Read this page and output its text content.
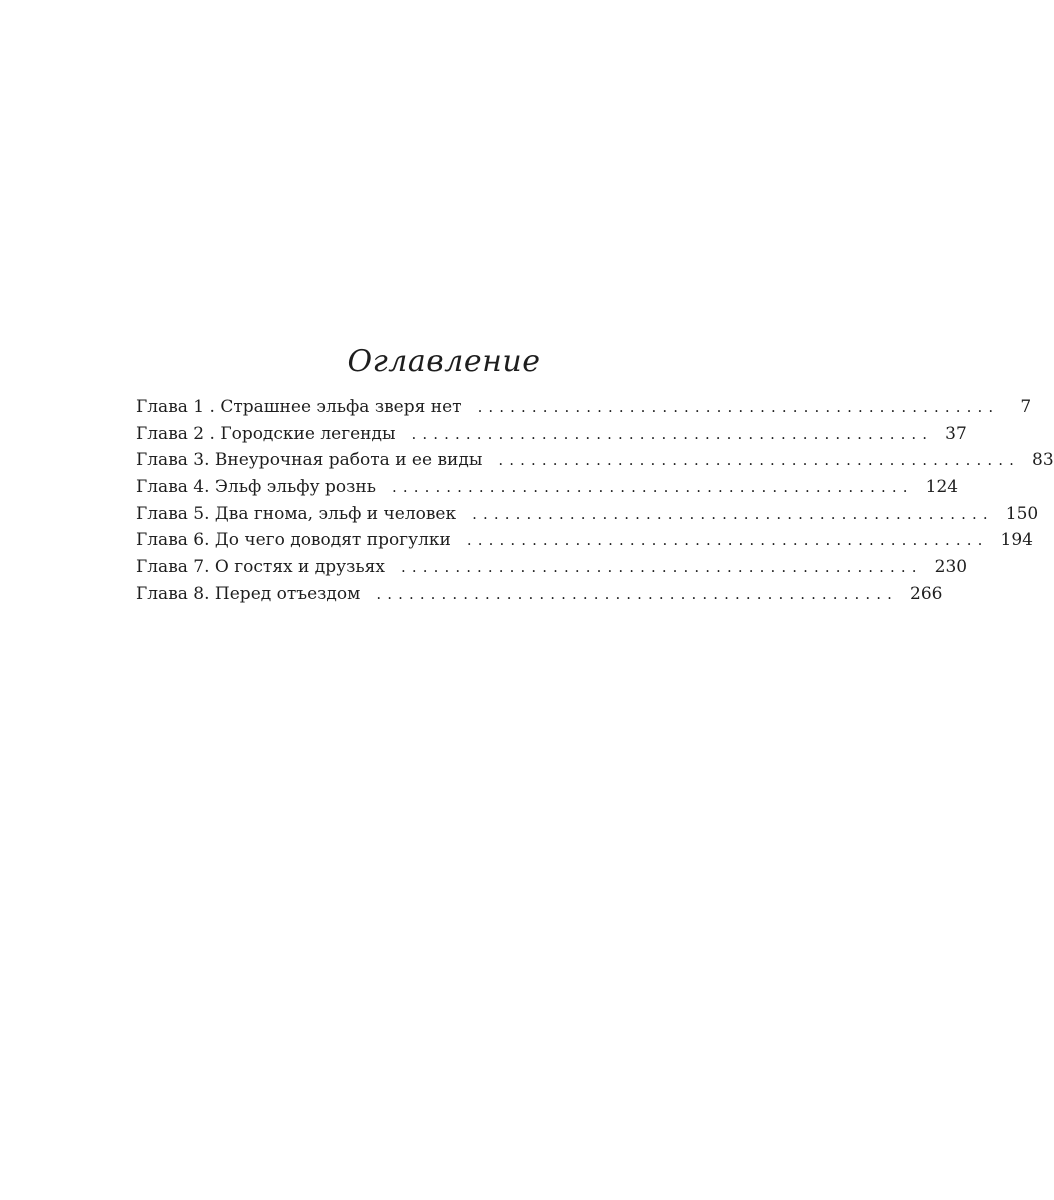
Оглавление
Глава 1 . Страшнее эльфа зверя нет ................................................	7
Глава 2 . Городские легенды ................................................ 37
Глава 3. Внеурочная работа и ее виды ................................................ 83
Глава 4. Эльф эльфу рознь ................................................ 124
Глава 5. Два гнома, эльф и человек ................................................ 150
Глава 6. До чего доводят прогулки ................................................ 194
Глава 7. О гостях и друзьях ................................................ 230
Глава 8. Перед отъездом ................................................ 266
